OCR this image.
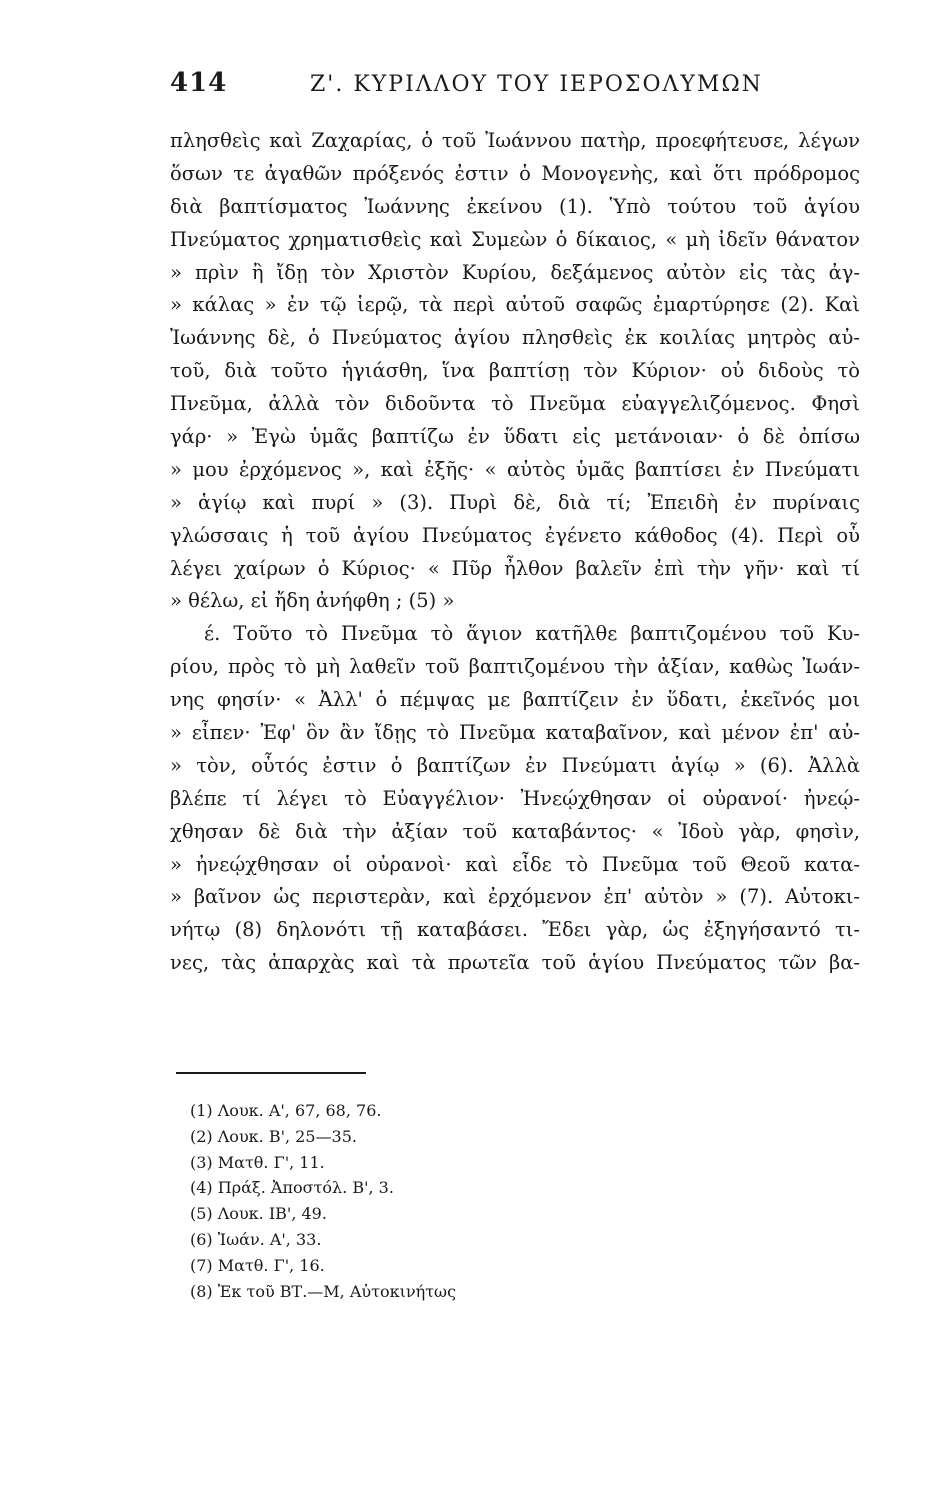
414	Ζ'. ΚΥΡΙΛΛΟΥ ΤΟΥ ΙΕΡΟΣΟΛΥΜΩΝ
πλησθεὶς καὶ Ζαχαρίας, ὁ τοῦ Ἰωάννου πατὴρ, προεφήτευσε, λέγων
ὅσων τε ἀγαθῶν πρόξενός ἐστιν ὁ Μονογενὴς, καὶ ὅτι πρόδρομος
διὰ βαπτίσματος Ἰωάννης ἐκείνου (1). Ὑπὸ τούτου τοῦ ἁγίου
Πνεύματος χρηματισθεὶς καὶ Συμεὼν ὁ δίκαιος, « μὴ ἰδεῖν θάνατον
» πρὶν ἢ ἴδῃ τὸν Χριστὸν Κυρίου, δεξάμενος αὐτὸν εἰς τὰς ἀγ-
» κάλας » ἐν τῷ ἱερῷ, τὰ περὶ αὐτοῦ σαφῶς ἐμαρτύρησε (2). Καὶ
Ἰωάννης δὲ, ὁ Πνεύματος ἁγίου πλησθεὶς ἐκ κοιλίας μητρὸς αὐ-
τοῦ, διὰ τοῦτο ἡγιάσθη, ἵνα βαπτίσῃ τὸν Κύριον· οὐ διδοὺς τὸ
Πνεῦμα, ἀλλὰ τὸν διδοῦντα τὸ Πνεῦμα εὐαγγελιζόμενος. Φησὶ
γάρ· » Ἐγὼ ὑμᾶς βαπτίζω ἐν ὕδατι εἰς μετάνοιαν· ὁ δὲ ὀπίσω
» μου ἐρχόμενος », καὶ ἑξῆς· « αὐτὸς ὑμᾶς βαπτίσει ἐν Πνεύματι
» ἁγίῳ καὶ πυρί » (3). Πυρὶ δὲ, διὰ τί; Ἐπειδὴ ἐν πυρίναις
γλώσσαις ἡ τοῦ ἁγίου Πνεύματος ἐγένετο κάθοδος (4). Περὶ οὗ
λέγει χαίρων ὁ Κύριος· « Πῦρ ἦλθον βαλεῖν ἐπὶ τὴν γῆν· καὶ τί
» θέλω, εἰ ἤδη ἀνήφθη ; (5) »
έ. Τοῦτο τὸ Πνεῦμα τὸ ἅγιον κατῆλθε βαπτιζομένου τοῦ Κυ-
ρίου, πρὸς τὸ μὴ λαθεῖν τοῦ βαπτιζομένου τὴν ἀξίαν, καθὼς Ἰωάν-
νης φησίν· « Ἀλλ' ὁ πέμψας με βαπτίζειν ἐν ὕδατι, ἐκεῖνός μοι
» εἶπεν· Ἐφ' ὃν ἂν ἴδῃς τὸ Πνεῦμα καταβαῖνον, καὶ μένον ἐπ' αὐ-
» τὸν, οὗτός ἐστιν ὁ βαπτίζων ἐν Πνεύματι ἁγίῳ » (6). Ἀλλὰ
βλέπε τί λέγει τὸ Εὐαγγέλιον· Ἠνεῴχθησαν οἱ οὐρανοί· ἠνεῴ-
χθησαν δὲ διὰ τὴν ἀξίαν τοῦ καταβάντος· « Ἰδοὺ γὰρ, φησὶν,
» ἠνεῴχθησαν οἱ οὐρανοὶ· καὶ εἶδε τὸ Πνεῦμα τοῦ Θεοῦ κατα-
» βαῖνον ὡς περιστερὰν, καὶ ἐρχόμενον ἐπ' αὐτὸν » (7). Αὐτοκι-
νήτῳ (8) δηλονότι τῇ καταβάσει. Ἔδει γὰρ, ὡς ἐξηγήσαντό τι-
νες, τὰς ἀπαρχὰς καὶ τὰ πρωτεῖα τοῦ ἁγίου Πνεύματος τῶν βα-
(1) Λουκ. Α', 67, 68, 76.
(2) Λουκ. Β', 25—35.
(3) Ματθ. Γ', 11.
(4) Πράξ. Ἀποστόλ. Β', 3.
(5) Λουκ. ΙΒ', 49.
(6) Ἰωάν. Α', 33.
(7) Ματθ. Γ', 16.
(8) Ἐκ τοῦ ΒΤ.—Μ, Αὐτοκινήτως
